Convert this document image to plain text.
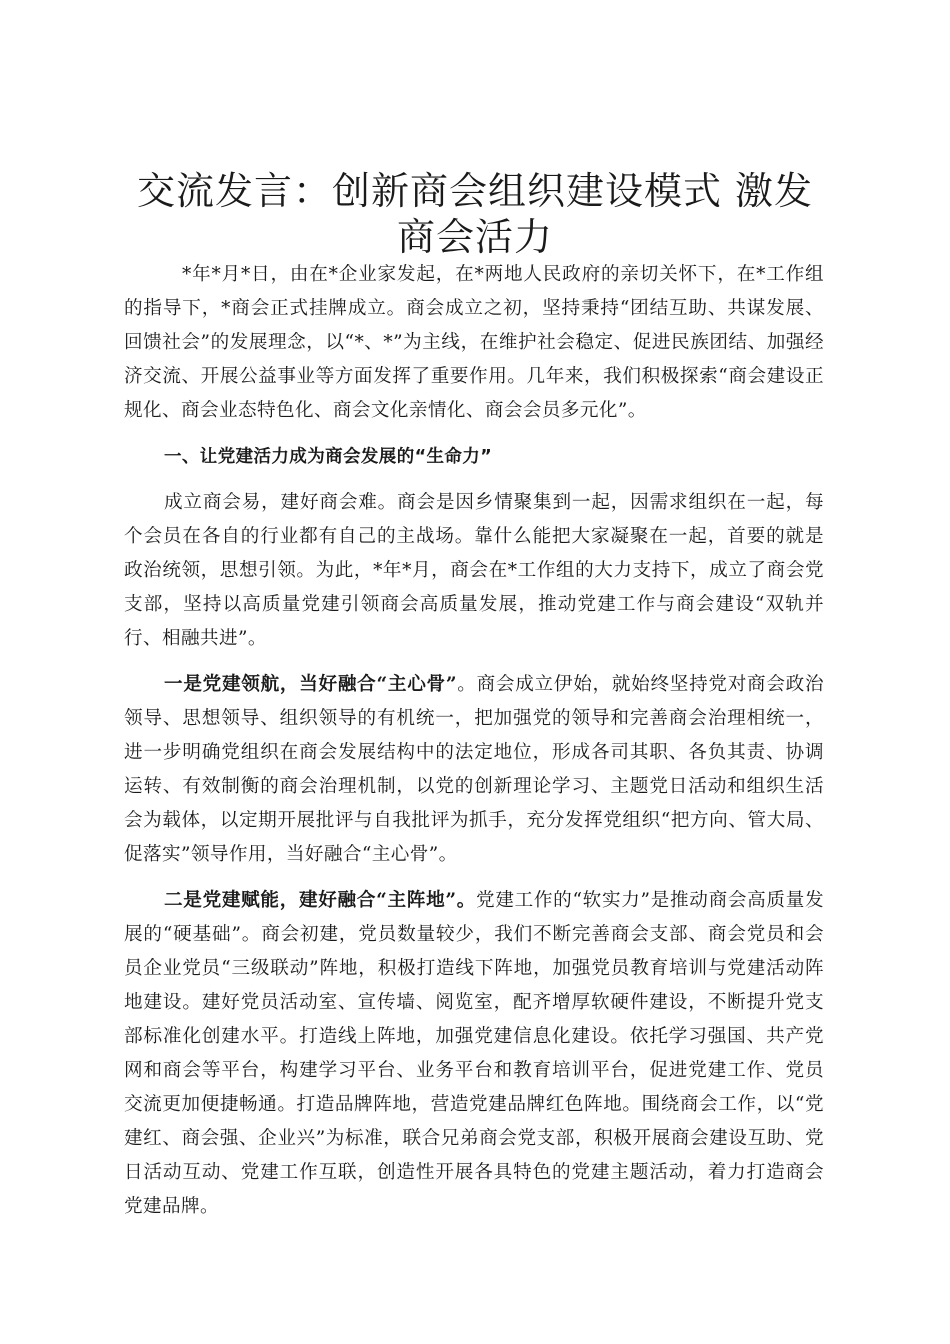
交流发言：创新商会组织建设模式 激发商会活力

*年*月*日，由在*企业家发起，在*两地人民政府的亲切关怀下，在*工作组的指导下，*商会正式挂牌成立。商会成立之初，坚持秉持“团结互助、共谋发展、回馈社会”的发展理念，以“*、*”为主线，在维护社会稳定、促进民族团结、加强经济交流、开展公益事业等方面发挥了重要作用。几年来，我们积极探索“商会建设正规化、商会业态特色化、商会文化亲情化、商会会员多元化”。

一、让党建活力成为商会发展的“生命力”

成立商会易，建好商会难。商会是因乡情聚集到一起，因需求组织在一起，每个会员在各自的行业都有自己的主战场。靠什么能把大家凝聚在一起，首要的就是政治统领，思想引领。为此，*年*月，商会在*工作组的大力支持下，成立了商会党支部，坚持以高质量党建引领商会高质量发展，推动党建工作与商会建设“双轨并行、相融共进”。

一是党建领航，当好融合“主心骨”。商会成立伊始，就始终坚持党对商会政治领导、思想领导、组织领导的有机统一，把加强党的领导和完善商会治理相统一，进一步明确党组织在商会发展结构中的法定地位，形成各司其职、各负其责、协调运转、有效制衡的商会治理机制，以党的创新理论学习、主题党日活动和组织生活会为载体，以定期开展批评与自我批评为抓手，充分发挥党组织“把方向、管大局、促落实”领导作用，当好融合“主心骨”。

二是党建赋能，建好融合“主阵地”。党建工作的“软实力”是推动商会高质量发展的“硬基础”。商会初建，党员数量较少，我们不断完善商会支部、商会党员和会员企业党员“三级联动”阵地，积极打造线下阵地，加强党员教育培训与党建活动阵地建设。建好党员活动室、宣传墙、阅览室，配齐增厚软硬件建设，不断提升党支部标准化创建水平。打造线上阵地，加强党建信息化建设。依托学习强国、共产党网和商会等平台，构建学习平台、业务平台和教育培训平台，促进党建工作、党员交流更加便捷畅通。打造品牌阵地，营造党建品牌红色阵地。围绕商会工作，以“党建红、商会强、企业兴”为标准，联合兄弟商会党支部，积极开展商会建设互助、党日活动互动、党建工作互联，创造性开展各具特色的党建主题活动，着力打造商会党建品牌。
